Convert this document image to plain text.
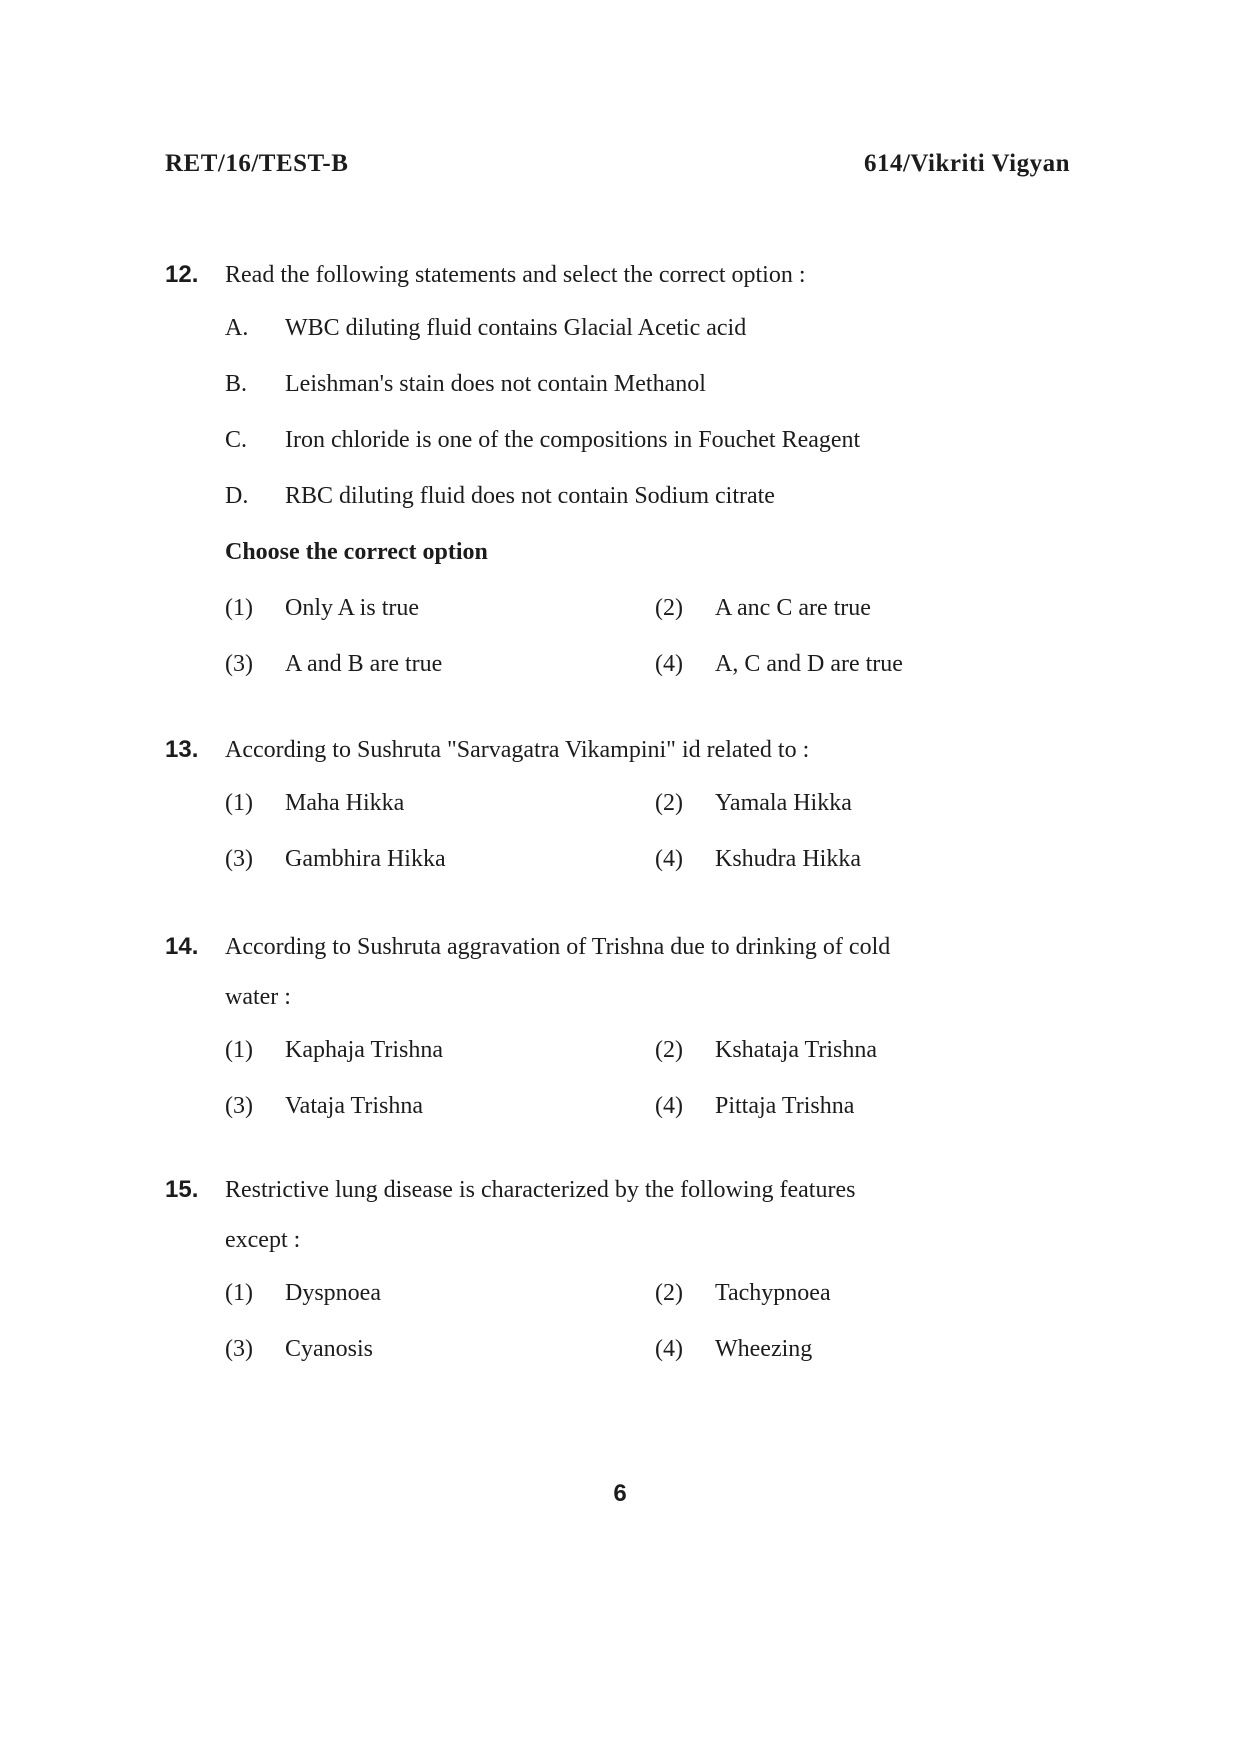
RET/16/TEST-B	614/Vikriti Vigyan
12.	Read the following statements and select the correct option :
A.	WBC diluting fluid contains Glacial Acetic acid
B.	Leishman's stain does not contain Methanol
C.	Iron chloride is one of the compositions in Fouchet Reagent
D.	RBC diluting fluid does not contain Sodium citrate
Choose the correct option
(1)	Only A is true	(2)	A anc C are true
(3)	A and B are true	(4)	A, C and D are true
13.	According to Sushruta "Sarvagatra Vikampini" id related to :
(1)	Maha Hikka	(2)	Yamala Hikka
(3)	Gambhira Hikka	(4)	Kshudra Hikka
14.	According to Sushruta aggravation of Trishna due to drinking of cold
water :
(1)	Kaphaja Trishna	(2)	Kshataja Trishna
(3)	Vataja Trishna	(4)	Pittaja Trishna
15.	Restrictive lung disease is characterized by the following features
except :
(1)	Dyspnoea	(2)	Tachypnoea
(3)	Cyanosis	(4)	Wheezing
6
